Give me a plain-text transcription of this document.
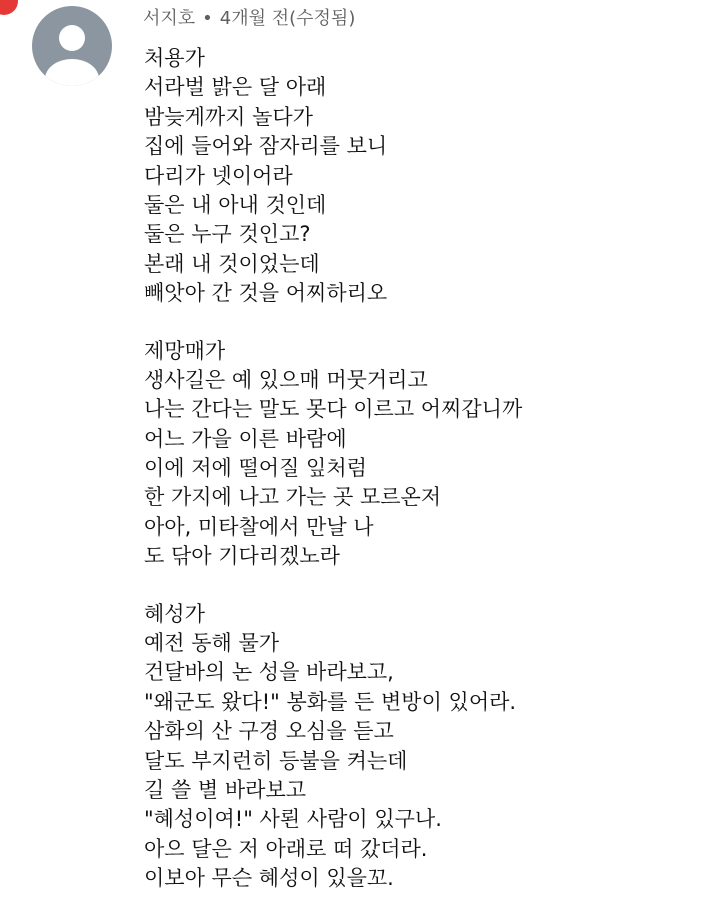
서지호 • 4개월 전(수정됨)
처용가
서라벌 밝은 달 아래
밤늦게까지 놀다가
집에 들어와 잠자리를 보니
다리가 넷이어라
둘은 내 아내 것인데
둘은 누구 것인고?
본래 내 것이었는데
빼앗아 간 것을 어찌하리오
제망매가
생사길은 예 있으매 머뭇거리고
나는 간다는 말도 못다 이르고 어찌갑니까
어느 가을 이른 바람에
이에 저에 떨어질 잎처럼
한 가지에 나고 가는 곳 모르온저
아아, 미타찰에서 만날 나
도 닦아 기다리겠노라
혜성가
예전 동해 물가
건달바의 논 성을 바라보고,
"왜군도 왔다!" 봉화를 든 변방이 있어라.
삼화의 산 구경 오심을 듣고
달도 부지런히 등불을 켜는데
길 쓸 별 바라보고
"혜성이여!" 사뢴 사람이 있구나.
아으 달은 저 아래로 떠 갔더라.
이보아 무슨 혜성이 있을꼬.
